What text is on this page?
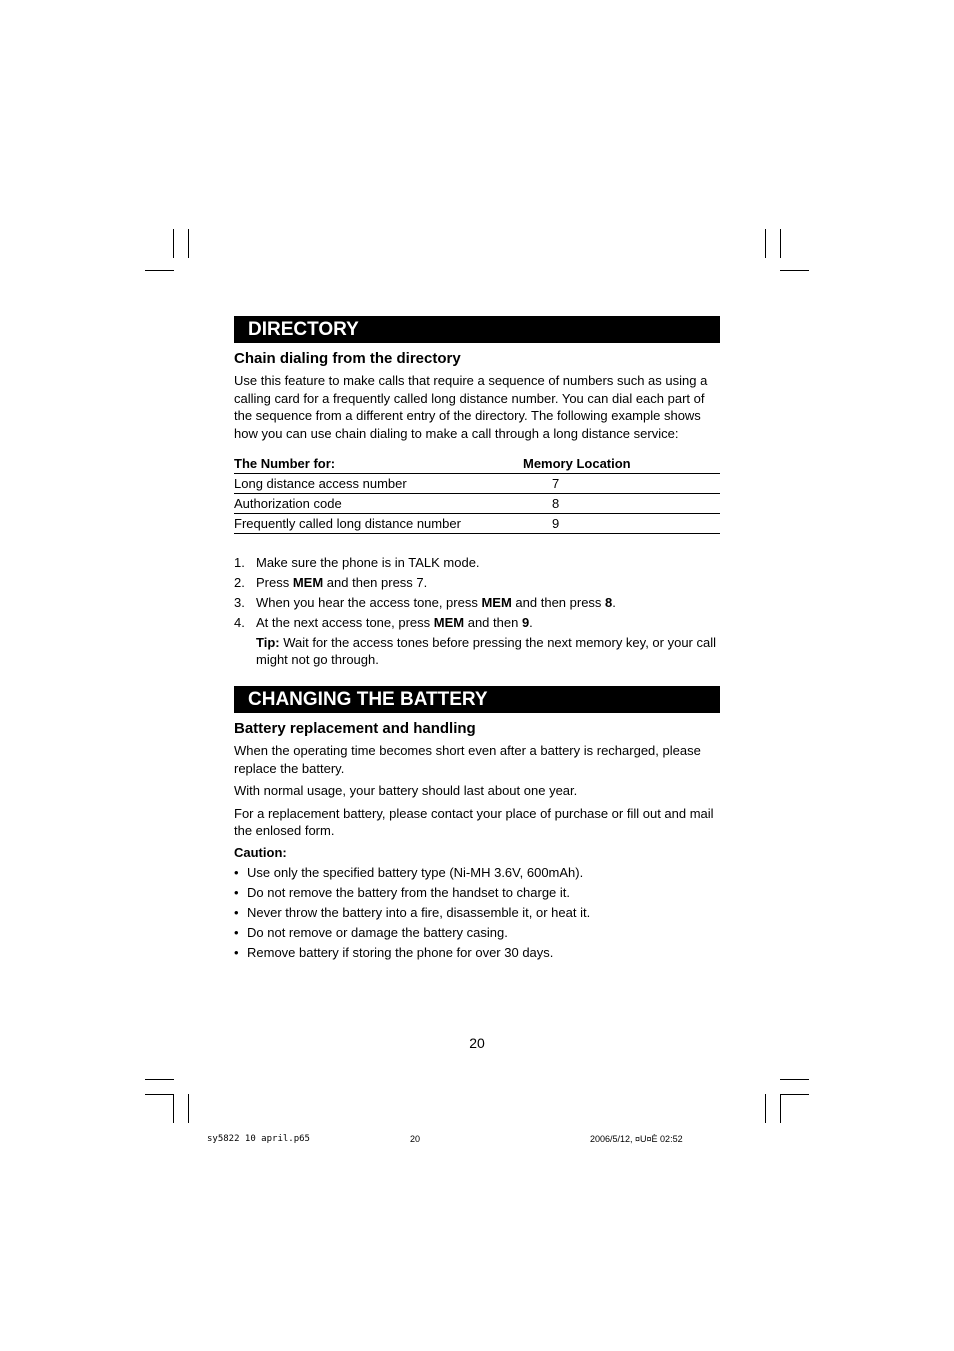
DIRECTORY
Chain dialing from the directory

Use this feature to make calls that require a sequence of numbers such as using a calling card for a frequently called long distance number. You can dial each part of the sequence from a different entry of the directory. The following example shows how you can use chain dialing to make a call through a long distance service:

The Number for:	Memory Location
Long distance access number	7
Authorization code	8
Frequently called long distance number	9
1. Make sure the phone is in TALK mode.
2. Press MEM and then press 7.
3. When you hear the access tone, press MEM and then press 8.
4. At the next access tone, press MEM and then 9.

Tip: Wait for the access tones before pressing the next memory key, or your call might not go through.

CHANGING THE BATTERY
Battery replacement and handling

When the operating time becomes short even after a battery is recharged, please replace the battery.

With normal usage, your battery should last about one year.

For a replacement battery, please contact your place of purchase or fill out and mail the enlosed form.

Caution:
• Use only the specified battery type (Ni-MH 3.6V, 600mAh).
• Do not remove the battery from the handset to charge it.
• Never throw the battery into a fire, disassemble it, or heat it.
• Do not remove or damage the battery casing.
• Remove battery if storing the phone for over 30 days.
20
sy5822 10 april.p65	20	2006/5/12, ¤U¤È 02:52
